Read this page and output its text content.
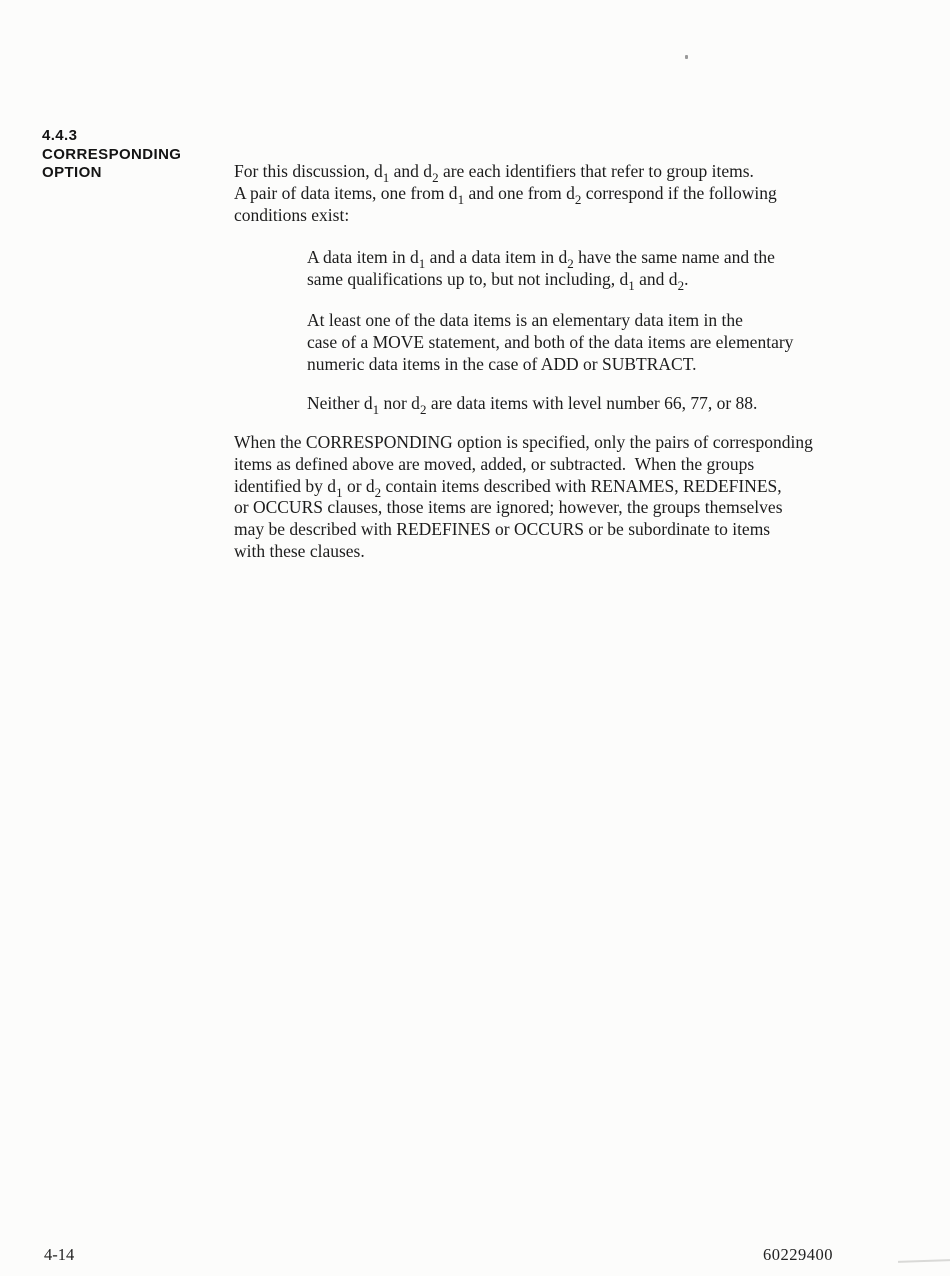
4.4.3
CORRESPONDING
OPTION	For this discussion, $d_1$ and $d_2$ are each identifiers that refer to group items.
A pair of data items, one from $d_1$ and one from $d_2$ correspond if the following
conditions exist:
A data item in $d_1$ and a data item in $d_2$ have the same name and the
same qualifications up to, but not including, $d_1$ and $d_2$.
At least one of the data items is an elementary data item in the
case of a MOVE statement, and both of the data items are elementary
numeric data items in the case of ADD or SUBTRACT.
Neither $d_1$ nor $d_2$ are data items with level number 66, 77, or 88.
When the CORRESPONDING option is specified, only the pairs of corresponding
items as defined above are moved, added, or subtracted.  When the groups
identified by $d_1$ or $d_2$ contain items described with RENAMES, REDEFINES,
or OCCURS clauses, those items are ignored; however, the groups themselves
may be described with REDEFINES or OCCURS or be subordinate to items
with these clauses.
4-14	60229400
